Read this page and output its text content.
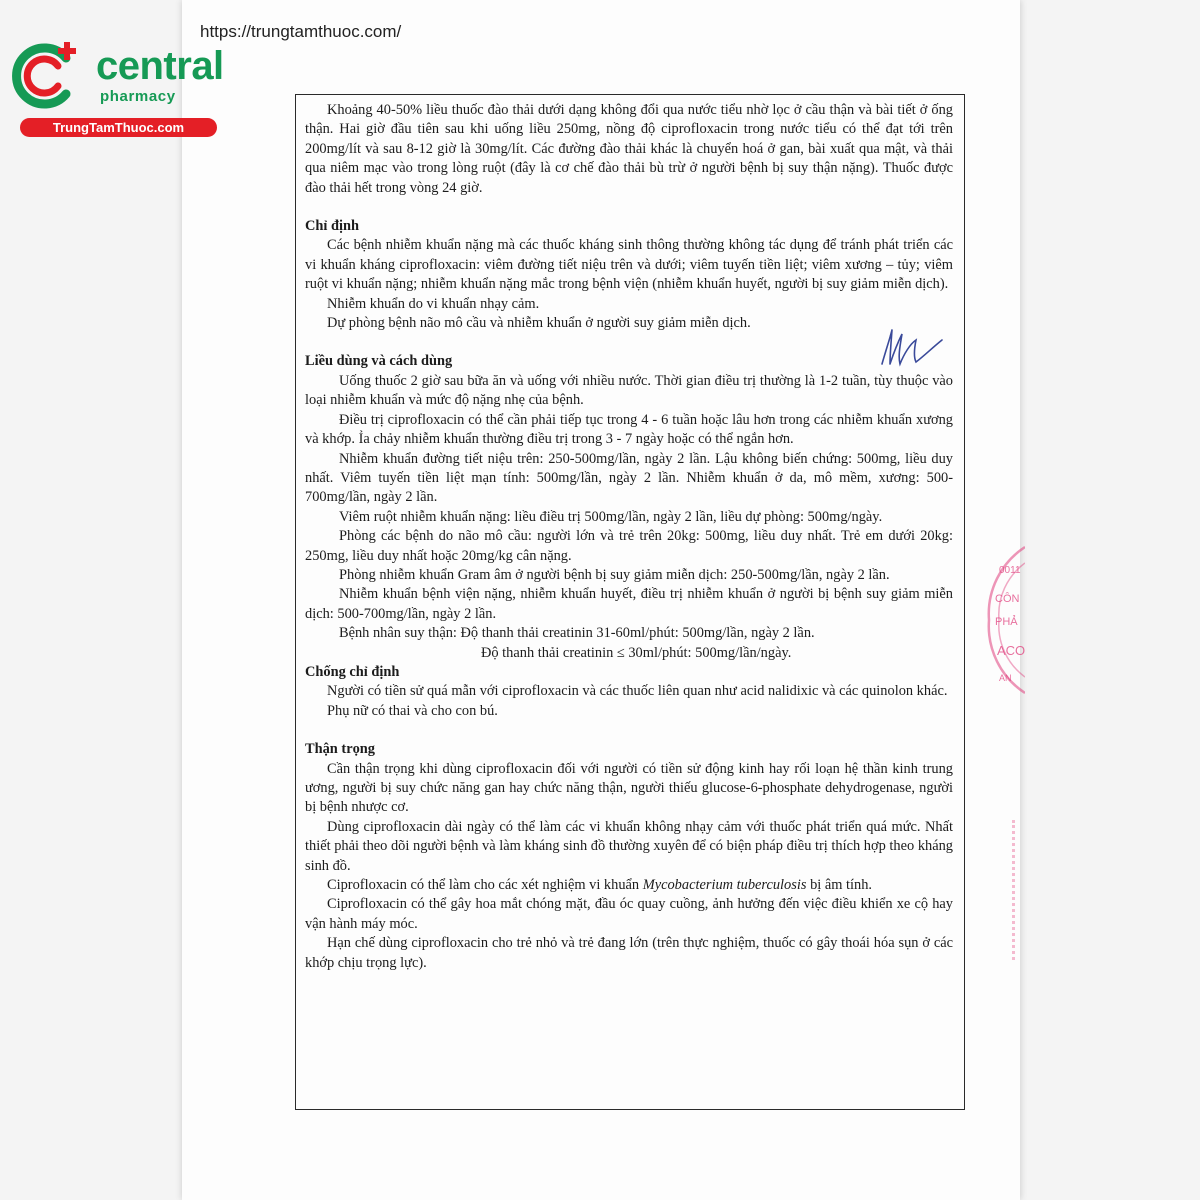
https://trungtamthuoc.com/
central
pharmacy
TrungTamThuoc.com

Khoảng 40-50% liều thuốc đào thải dưới dạng không đổi qua nước tiểu nhờ lọc ở cầu thận và bài tiết ở ống thận. Hai giờ đầu tiên sau khi uống liều 250mg, nồng độ ciprofloxacin trong nước tiểu có thể đạt tới trên 200mg/lít và sau 8-12 giờ là 30mg/lít. Các đường đào thải khác là chuyển hoá ở gan, bài xuất qua mật, và thải qua niêm mạc vào trong lòng ruột (đây là cơ chế đào thải bù trừ ở người bệnh bị suy thận nặng). Thuốc được đào thải hết trong vòng 24 giờ.

Chỉ định

Các bệnh nhiễm khuẩn nặng mà các thuốc kháng sinh thông thường không tác dụng để tránh phát triển các vi khuẩn kháng ciprofloxacin: viêm đường tiết niệu trên và dưới; viêm tuyến tiền liệt; viêm xương – tủy; viêm ruột vi khuẩn nặng; nhiễm khuẩn nặng mắc trong bệnh viện (nhiễm khuẩn huyết, người bị suy giảm miễn dịch).

Nhiễm khuẩn do vi khuẩn nhạy cảm.

Dự phòng bệnh não mô cầu và nhiễm khuẩn ở người suy giảm miễn dịch.

Liều dùng và cách dùng

Uống thuốc 2 giờ sau bữa ăn và uống với nhiều nước. Thời gian điều trị thường là 1-2 tuần, tùy thuộc vào loại nhiễm khuẩn và mức độ nặng nhẹ của bệnh.

Điều trị ciprofloxacin có thể cần phải tiếp tục trong 4 - 6 tuần hoặc lâu hơn trong các nhiễm khuẩn xương và khớp. Ỉa chảy nhiễm khuẩn thường điều trị trong 3 - 7 ngày hoặc có thể ngắn hơn.

Nhiễm khuẩn đường tiết niệu trên: 250-500mg/lần, ngày 2 lần. Lậu không biến chứng: 500mg, liều duy nhất. Viêm tuyến tiền liệt mạn tính: 500mg/lần, ngày 2 lần. Nhiễm khuẩn ở da, mô mềm, xương: 500-700mg/lần, ngày 2 lần.

Viêm ruột nhiễm khuẩn nặng: liều điều trị 500mg/lần, ngày 2 lần, liều dự phòng: 500mg/ngày.

Phòng các bệnh do não mô cầu: người lớn và trẻ trên 20kg: 500mg, liều duy nhất. Trẻ em dưới 20kg: 250mg, liều duy nhất hoặc 20mg/kg cân nặng.

Phòng nhiễm khuẩn Gram âm ở người bệnh bị suy giảm miễn dịch: 250-500mg/lần, ngày 2 lần.

Nhiễm khuẩn bệnh viện nặng, nhiễm khuẩn huyết, điều trị nhiễm khuẩn ở người bị bệnh suy giảm miễn dịch: 500-700mg/lần, ngày 2 lần.

Bệnh nhân suy thận: Độ thanh thải creatinin 31-60ml/phút: 500mg/lần, ngày 2 lần.

Độ thanh thải creatinin ≤ 30ml/phút: 500mg/lần/ngày.

Chống chỉ định

Người có tiền sử quá mẫn với ciprofloxacin và các thuốc liên quan như acid nalidixic và các quinolon khác.

Phụ nữ có thai và cho con bú.

Thận trọng

Cần thận trọng khi dùng ciprofloxacin đối với người có tiền sử động kinh hay rối loạn hệ thần kinh trung ương, người bị suy chức năng gan hay chức năng thận, người thiếu glucose-6-phosphate dehydrogenase, người bị bệnh nhược cơ.

Dùng ciprofloxacin dài ngày có thể làm các vi khuẩn không nhạy cảm với thuốc phát triển quá mức. Nhất thiết phải theo dõi người bệnh và làm kháng sinh đồ thường xuyên để có biện pháp điều trị thích hợp theo kháng sinh đồ.

Ciprofloxacin có thể làm cho các xét nghiệm vi khuẩn Mycobacterium tuberculosis bị âm tính.

Ciprofloxacin có thể gây hoa mắt chóng mặt, đầu óc quay cuồng, ảnh hưởng đến việc điều khiển xe cộ hay vận hành máy móc.

Hạn chế dùng ciprofloxacin cho trẻ nhỏ và trẻ đang lớn (trên thực nghiệm, thuốc có gây thoái hóa sụn ở các khớp chịu trọng lực).

0011
CÔN
PHẢ
ACO
AN
